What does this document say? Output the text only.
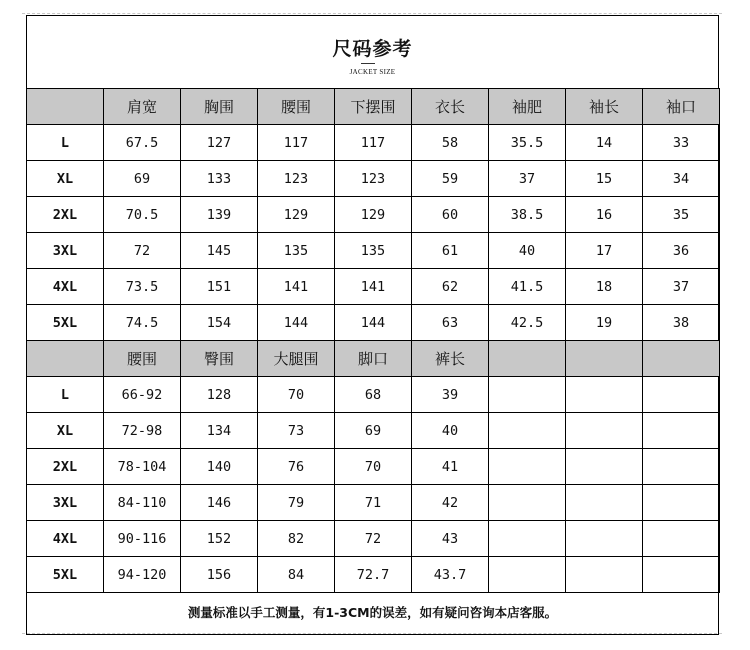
尺码参考
JACKET SIZE
	肩宽	胸围	腰围	下摆围	衣长	袖肥	袖长	袖口
L	67.5	127	117	117	58	35.5	14	33
XL	69	133	123	123	59	37	15	34
2XL	70.5	139	129	129	60	38.5	16	35
3XL	72	145	135	135	61	40	17	36
4XL	73.5	151	141	141	62	41.5	18	37
5XL	74.5	154	144	144	63	42.5	19	38
	腰围	臀围	大腿围	脚口	裤长			
L	66-92	128	70	68	39			
XL	72-98	134	73	69	40			
2XL	78-104	140	76	70	41			
3XL	84-110	146	79	71	42			
4XL	90-116	152	82	72	43			
5XL	94-120	156	84	72.7	43.7			
测量标准以手工测量，有1-3CM的误差，如有疑问咨询本店客服。
